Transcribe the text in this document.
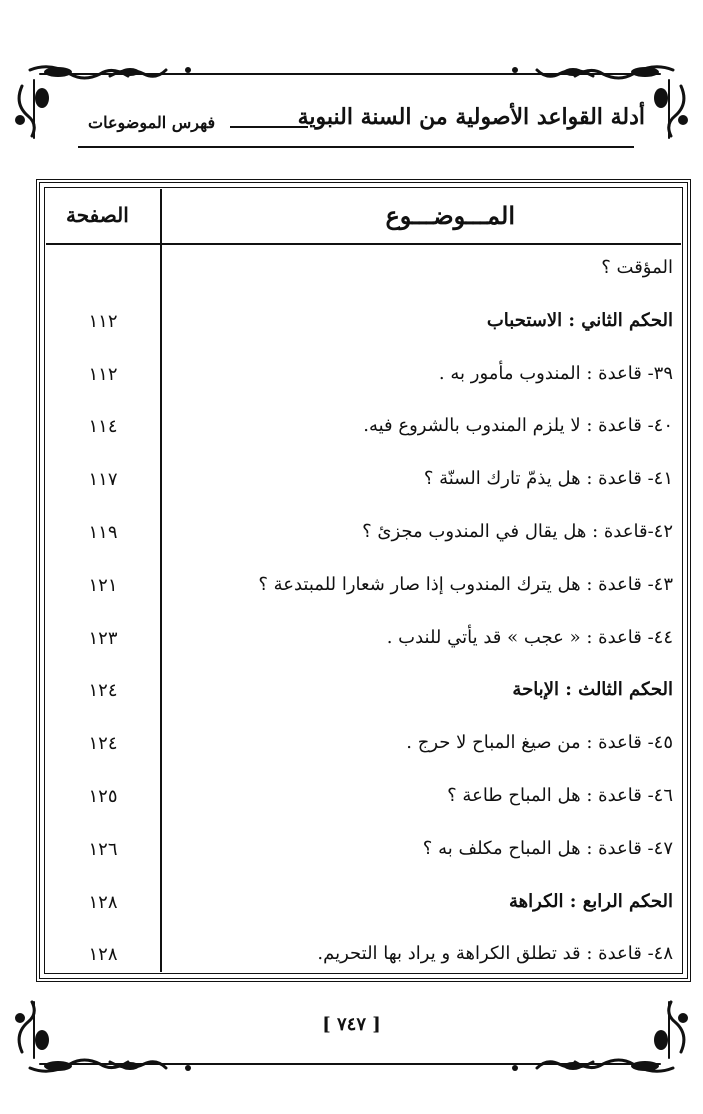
أدلة القواعد الأصولية من السنة النبوية
فهرس الموضوعات
المـــوضـــوع
الصفحة
المؤقت ؟
الحكم الثاني : الاستحباب
١١٢
٣٩- قاعدة : المندوب مأمور به .
١١٢
٤٠- قاعدة : لا يلزم المندوب بالشروع فيه.
١١٤
٤١- قاعدة : هل يذمّ تارك السنّة ؟
١١٧
٤٢-قاعدة : هل يقال في المندوب مجزئ ؟
١١٩
٤٣- قاعدة : هل يترك المندوب إذا صار شعارا للمبتدعة ؟
١٢١
٤٤- قاعدة : « عجب » قد يأتي للندب .
١٢٣
الحكم الثالث : الإباحة
١٢٤
٤٥- قاعدة : من صيغ المباح لا حرج .
١٢٤
٤٦- قاعدة : هل المباح طاعة ؟
١٢٥
٤٧- قاعدة : هل المباح مكلف به ؟
١٢٦
الحكم الرابع : الكراهة
١٢٨
٤٨- قاعدة : قد تطلق الكراهة و يراد بها التحريم.
١٢٨
[ ٧٤٧ ]
